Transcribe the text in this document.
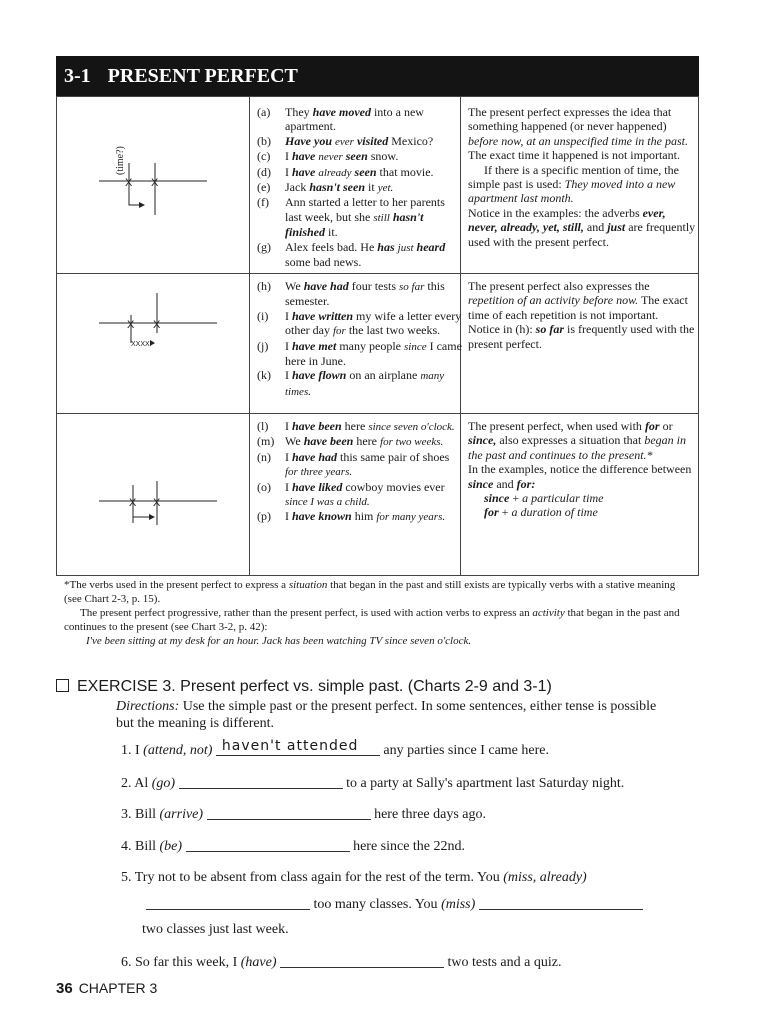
3-1 PRESENT PERFECT
X X
(time?)
(a)	They have moved into a new apartment.
(b)	Have you ever visited Mexico?
(c)	I have never seen snow.
(d)	I have already seen that movie.
(e)	Jack hasn't seen it yet.
(f)	Ann started a letter to her parents last week, but she still hasn't finished it.
(g)	Alex feels bad. He has just heard some bad news.

The present perfect expresses the idea that something happened (or never happened) before now, at an unspecified time in the past. The exact time it happened is not important.

If there is a specific mention of time, the simple past is used: They moved into a new apartment last month.

Notice in the examples: the adverbs ever, never, already, yet, still, and just are frequently used with the present perfect.

X X
XXXX
(h)	We have had four tests so far this semester.
(i)	I have written my wife a letter every other day for the last two weeks.
(j)	I have met many people since I came here in June.
(k)	I have flown on an airplane many times.

The present perfect also expresses the repetition of an activity before now. The exact time of each repetition is not important.

Notice in (h): so far is frequently used with the present perfect.

X X
(l)	I have been here since seven o'clock.
(m) We have been here for two weeks.
(n)	I have had this same pair of shoes for three years.
(o)	I have liked cowboy movies ever since I was a child.
(p)	I have known him for many years.

The present perfect, when used with for or since, also expresses a situation that began in the past and continues to the present.*

In the examples, notice the difference between since and for:

since + a particular time

for + a duration of time

*The verbs used in the present perfect to express a situation that began in the past and still exists are typically verbs with a stative meaning (see Chart 2-3, p. 15).

The present perfect progressive, rather than the present perfect, is used with action verbs to express an activity that began in the past and continues to the present (see Chart 3-2, p. 42):

I've been sitting at my desk for an hour. Jack has been watching TV since seven o'clock.

EXERCISE 3. Present perfect vs. simple past. (Charts 2-9 and 3-1)
Directions: Use the simple past or the present perfect. In some sentences, either tense is possible but the meaning is different.
1. I (attend, not) haven't attended any parties since I came here.
2. Al (go)	to a party at Sally's apartment last Saturday night.
3. Bill (arrive)	here three days ago.
4. Bill (be)	here since the 22nd.
5. Try not to be absent from class again for the rest of the term. You (miss, already)
too many classes. You (miss)
two classes just last week.
6. So far this week, I (have)	two tests and a quiz.
36 CHAPTER 3
